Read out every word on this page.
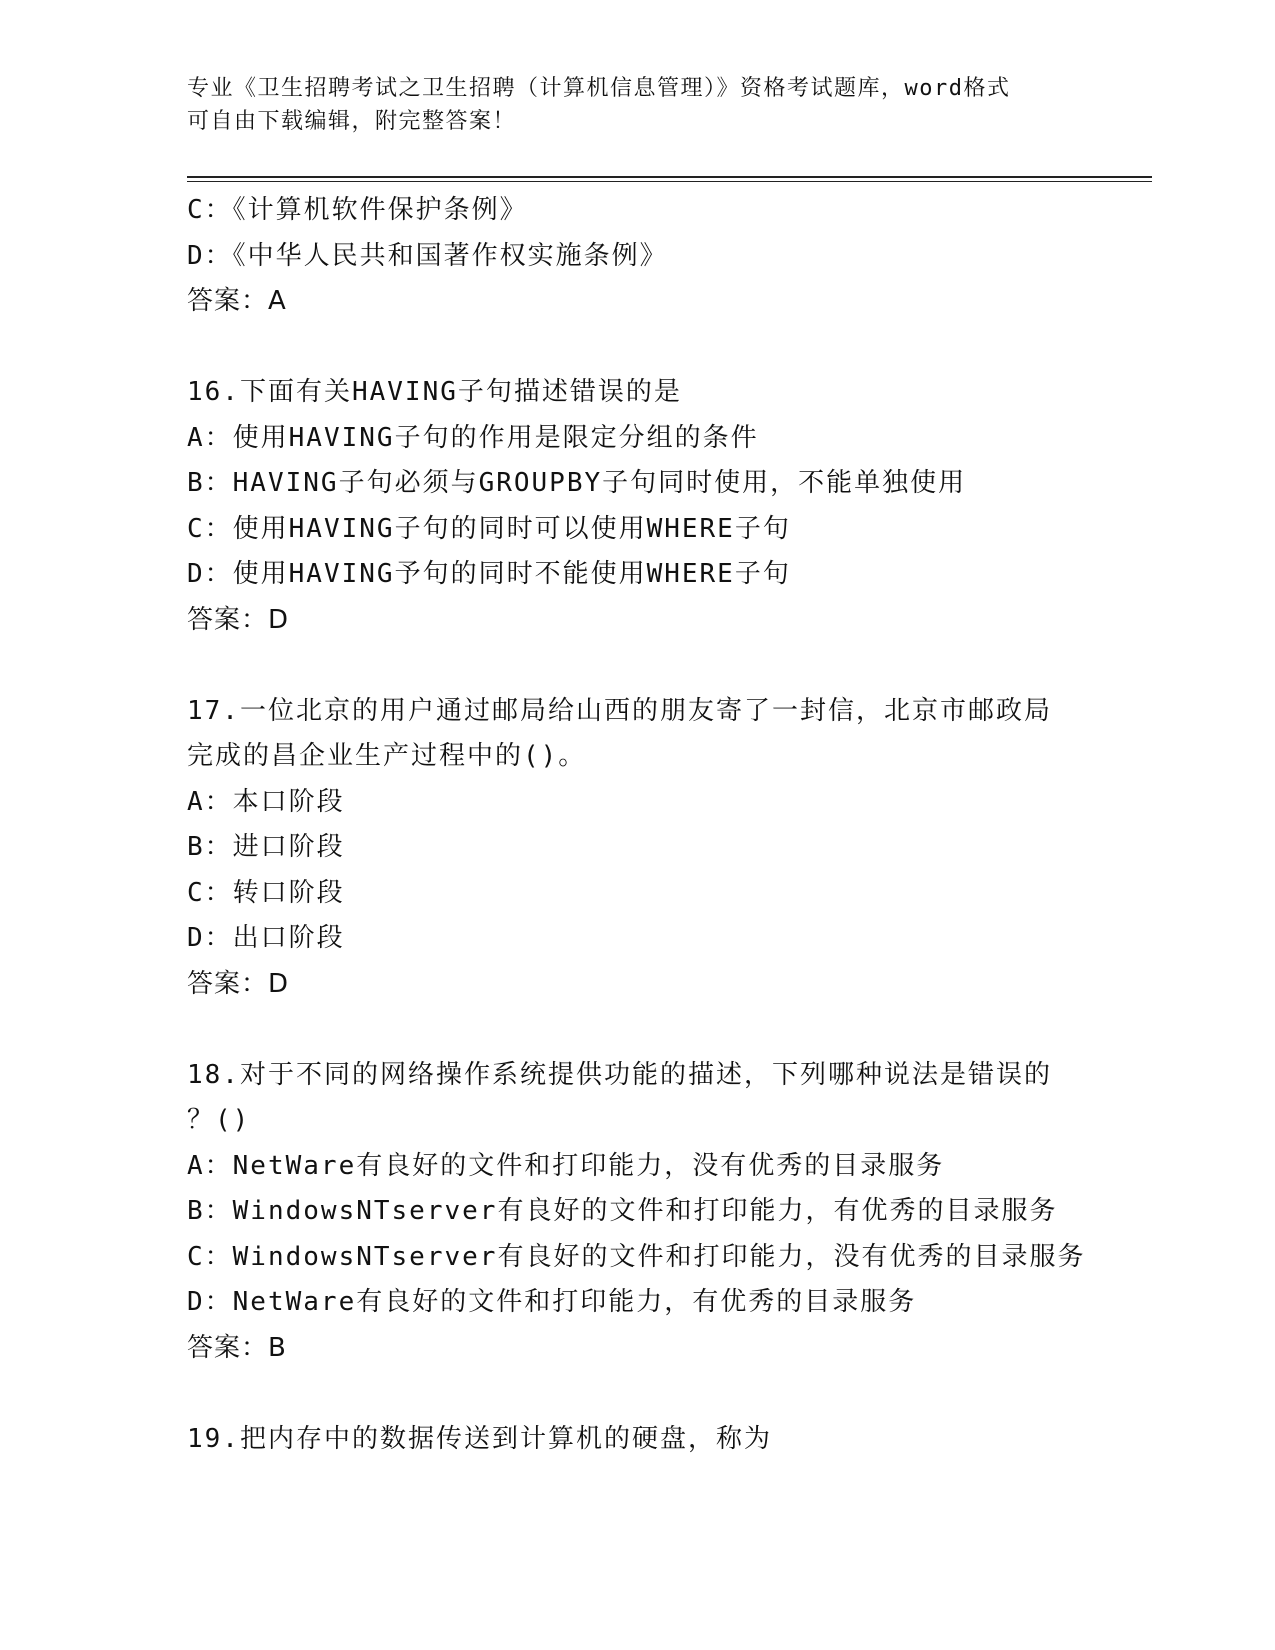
专业《卫生招聘考试之卫生招聘（计算机信息管理）》资格考试题库，word格式
可自由下载编辑，附完整答案！
C：《计算机软件保护条例》
D：《中华人民共和国著作权实施条例》
答案：A
16.下面有关HAVING子句描述错误的是
A：使用HAVING子句的作用是限定分组的条件
B：HAVING子句必须与GROUPBY子句同时使用，不能单独使用
C：使用HAVING子句的同时可以使用WHERE子句
D：使用HAVING予句的同时不能使用WHERE子句
答案：D
17.一位北京的用户通过邮局给山西的朋友寄了一封信，北京市邮政局
完成的昌企业生产过程中的()。
A：本口阶段
B：进口阶段
C：转口阶段
D：出口阶段
答案：D
18.对于不同的网络操作系统提供功能的描述，下列哪种说法是错误的
？()
A：NetWare有良好的文件和打印能力，没有优秀的目录服务
B：WindowsNTserver有良好的文件和打印能力，有优秀的目录服务
C：WindowsNTserver有良好的文件和打印能力，没有优秀的目录服务
D：NetWare有良好的文件和打印能力，有优秀的目录服务
答案：B
19.把内存中的数据传送到计算机的硬盘，称为
